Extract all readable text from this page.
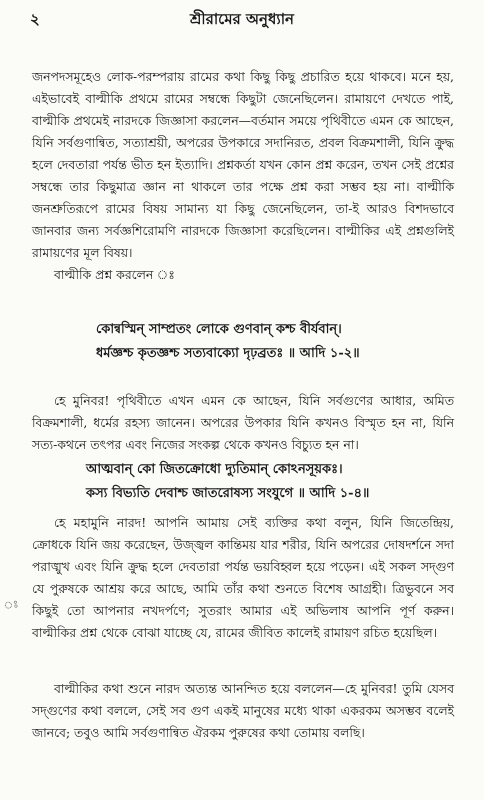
২	শ্রীরামের অনুধ্যান
জনপদসমূহেও লোক-পরম্পরায় রামের কথা কিছু কিছু প্রচারিত হয়ে থাকবে। মনে হয়, এইভাবেই বাল্মীকি প্রথমে রামের সম্বন্ধে কিছুটা জেনেছিলেন। রামায়ণে দেখতে পাই, বাল্মীকি প্রথমেই নারদকে জিজ্ঞাসা করলেন—বর্তমান সময়ে পৃথিবীতে এমন কে আছেন, যিনি সর্বগুণান্বিত, সত্যাশ্রয়ী, অপরের উপকারে সদানিরত, প্রবল বিক্রমশালী, যিনি ক্রুদ্ধ হলে দেবতারা পর্যন্ত ভীত হন ইত্যাদি। প্রশ্নকর্তা যখন কোন প্রশ্ন করেন, তখন সেই প্রশ্নের সম্বন্ধে তার কিছুমাত্র জ্ঞান না থাকলে তার পক্ষে প্রশ্ন করা সম্ভব হয় না। বাল্মীকি জনশ্রুতিরূপে রামের বিষয় সামান্য যা কিছু জেনেছিলেন, তা-ই আরও বিশদভাবে জানবার জন্য সর্বজ্ঞশিরোমণি নারদকে জিজ্ঞাসা করেছিলেন। বাল্মীকির এই প্রশ্নগুলিই রামায়ণের মূল বিষয়।
বাল্মীকি প্রশ্ন করলেন ঃ
কোন্বস্মিন্ সাম্প্রতং লোকে গুণবান্ কশ্চ বীর্যবান্।
ধর্মজ্ঞশ্চ কৃতজ্ঞশ্চ সত্যবাক্যো দৃঢ়ব্রতঃ ॥ আদি ১-২॥
হে মুনিবর! পৃথিবীতে এখন এমন কে আছেন, যিনি সর্বগুণের আধার, অমিত বিক্রমশালী, ধর্মের রহস্য জানেন। অপরের উপকার যিনি কখনও বিস্মৃত হন না, যিনি সত্য-কথনে তৎপর এবং নিজের সংকল্প থেকে কখনও বিচ্যুত হন না।
আত্মবান্ কো জিতক্রোধো দ্যুতিমান্ কোঽনসূয়কঃ।
কস্য বিভ্যতি দেবাশ্চ জাতরোষস্য সংযুগে ॥ আদি ১-৪॥
হে মহামুনি নারদ! আপনি আমায় সেই ব্যক্তির কথা বলুন, যিনি জিতেন্দ্রিয়, ক্রোধকে যিনি জয় করেছেন, উজ্জ্বল কান্তিময় যার শরীর, যিনি অপরের দোষদর্শনে সদা পরাঙ্মুখ এবং যিনি ক্রুদ্ধ হলে দেবতারা পর্যন্ত ভয়বিহ্বল হয়ে পড়েন। এই সকল সদ্গুণ যে পুরুষকে আশ্রয় করে আছে, আমি তাঁর কথা শুনতে বিশেষ আগ্রহী। ত্রিভুবনে সব কিছুই তো আপনার নখদর্পণে; সুতরাং আমার এই অভিলাষ আপনি পূর্ণ করুন। বাল্মীকির প্রশ্ন থেকে বোঝা যাচ্ছে যে, রামের জীবিত কালেই রামায়ণ রচিত হয়েছিল।
বাল্মীকির কথা শুনে নারদ অত্যন্ত আনন্দিত হয়ে বললেন—হে মুনিবর! তুমি যেসব সদ্গুণের কথা বললে, সেই সব গুণ একই মানুষের মধ্যে থাকা একরকম অসম্ভব বলেই জানবে; তবুও আমি সর্বগুণান্বিত ঐরকম পুরুষের কথা তোমায় বলছি।
ঃ
